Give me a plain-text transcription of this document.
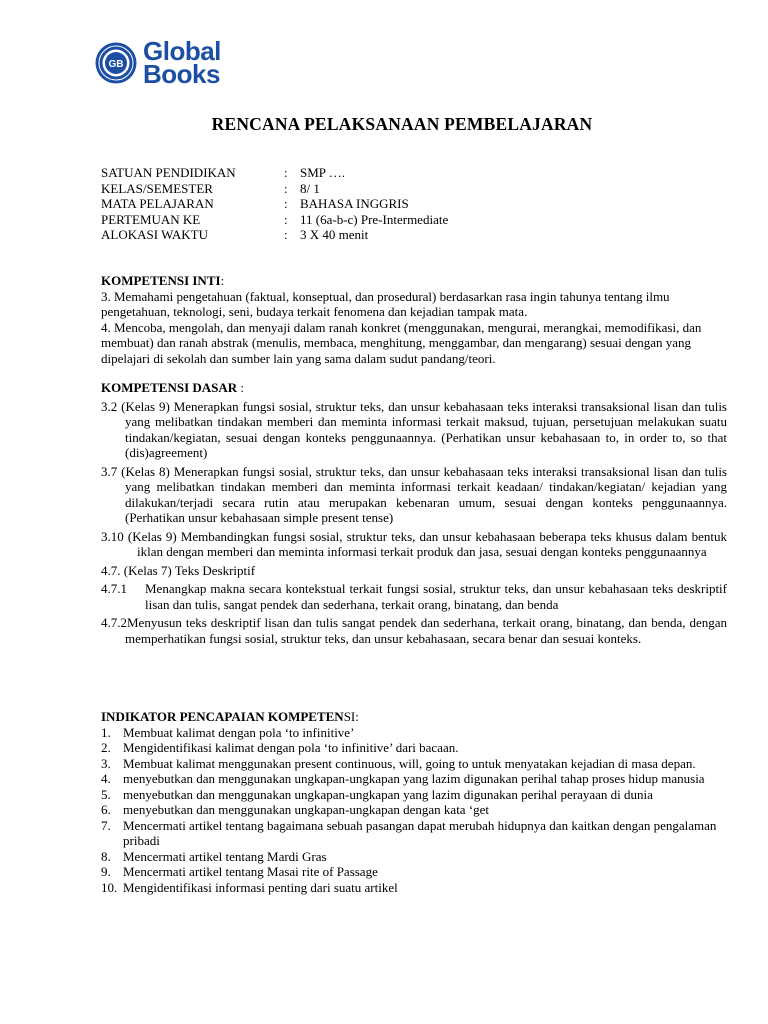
GB Global
Books
RENCANA PELAKSANAAN PEMBELAJARAN
SATUAN PENDIDIKAN	: SMP ….
KELAS/SEMESTER	: 8/ 1
MATA PELAJARAN	: BAHASA INGGRIS
PERTEMUAN KE	: 11 (6a-b-c) Pre-Intermediate
ALOKASI WAKTU	: 3 X 40 menit
KOMPETENSI INTI:
3. Memahami pengetahuan (faktual, konseptual, dan prosedural) berdasarkan rasa ingin tahunya tentang ilmu pengetahuan, teknologi, seni, budaya terkait fenomena dan kejadian tampak mata.
4. Mencoba, mengolah, dan menyaji dalam ranah konkret (menggunakan, mengurai, merangkai, memodifikasi, dan membuat) dan ranah abstrak (menulis, membaca, menghitung, menggambar, dan mengarang) sesuai dengan yang dipelajari di sekolah dan sumber lain yang sama dalam sudut pandang/teori.
KOMPETENSI DASAR :
3.2 (Kelas 9) Menerapkan fungsi sosial, struktur teks, dan unsur kebahasaan teks interaksi transaksional lisan dan tulis yang melibatkan tindakan memberi dan meminta informasi terkait maksud, tujuan, persetujuan melakukan suatu tindakan/kegiatan, sesuai dengan konteks penggunaannya. (Perhatikan unsur kebahasaan to, in order to, so that (dis)agreement)
3.7 (Kelas 8) Menerapkan fungsi sosial, struktur teks, dan unsur kebahasaan teks interaksi transaksional lisan dan tulis yang melibatkan tindakan memberi dan meminta informasi terkait keadaan/ tindakan/kegiatan/ kejadian yang dilakukan/terjadi secara rutin atau merupakan kebenaran umum, sesuai dengan konteks penggunaannya. (Perhatikan unsur kebahasaan simple present tense)
3.10 (Kelas 9) Membandingkan fungsi sosial, struktur teks, dan unsur kebahasaan beberapa teks khusus dalam bentuk iklan dengan memberi dan meminta informasi terkait produk dan jasa, sesuai dengan konteks penggunaannya
4.7. (Kelas 7) Teks Deskriptif
4.7.1	Menangkap makna secara kontekstual terkait fungsi sosial, struktur teks, dan unsur kebahasaan teks deskriptif lisan dan tulis, sangat pendek dan sederhana, terkait orang, binatang, dan benda
4.7.2Menyusun teks deskriptif lisan dan tulis sangat pendek dan sederhana, terkait orang, binatang, dan benda, dengan memperhatikan fungsi sosial, struktur teks, dan unsur kebahasaan, secara benar dan sesuai konteks.
INDIKATOR PENCAPAIAN KOMPETENSI:
1. Membuat kalimat dengan pola ‘to infinitive’
2. Mengidentifikasi kalimat dengan pola ‘to infinitive’ dari bacaan.
3. Membuat kalimat menggunakan present continuous, will, going to untuk menyatakan kejadian di masa depan.
4. menyebutkan dan menggunakan ungkapan-ungkapan yang lazim digunakan perihal tahap proses hidup manusia
5. menyebutkan dan menggunakan ungkapan-ungkapan yang lazim digunakan perihal perayaan di dunia
6. menyebutkan dan menggunakan ungkapan-ungkapan dengan kata ‘get
7. Mencermati artikel tentang bagaimana sebuah pasangan dapat merubah hidupnya dan kaitkan dengan pengalaman pribadi
8. Mencermati artikel tentang Mardi Gras
9. Mencermati artikel tentang Masai rite of Passage
10. Mengidentifikasi informasi penting dari suatu artikel
